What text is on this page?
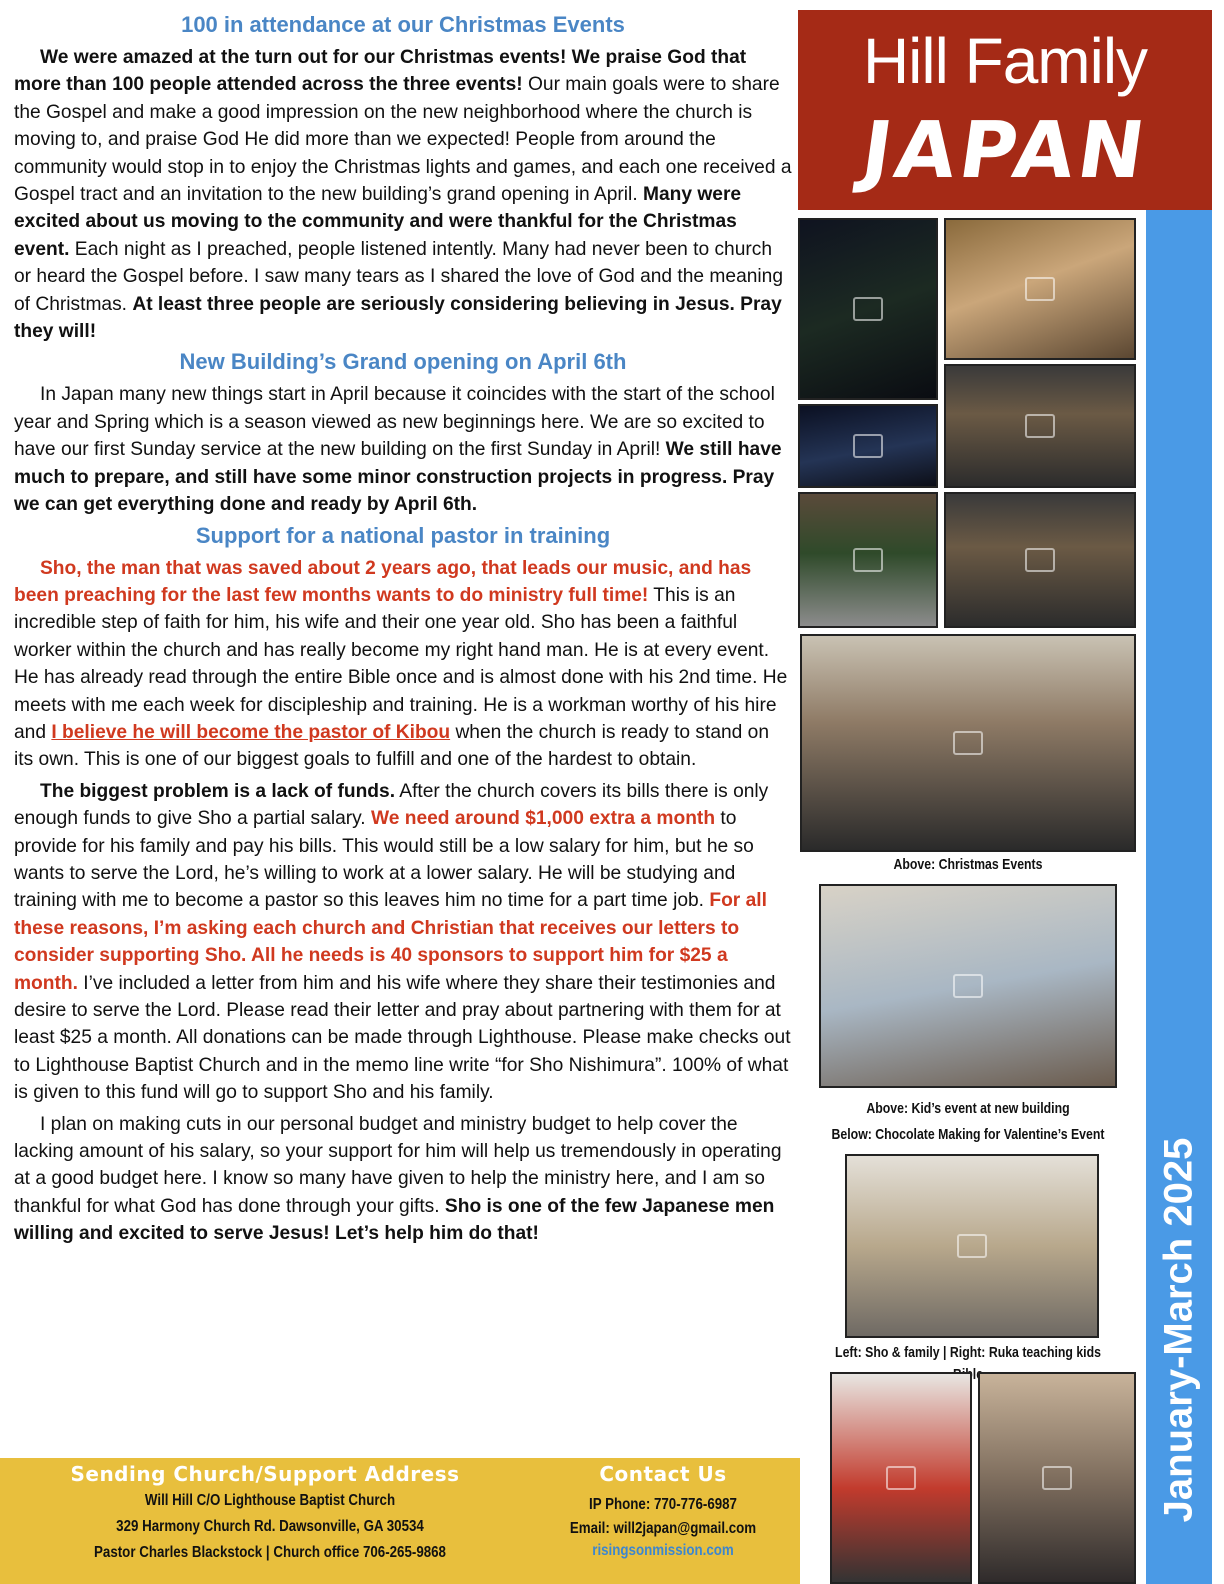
100 in attendance at our Christmas Events

We were amazed at the turn out for our Christmas events! We praise God that more than 100 people attended across the three events! Our main goals were to share the Gospel and make a good impression on the new neighborhood where the church is moving to, and praise God He did more than we expected! People from around the community would stop in to enjoy the Christmas lights and games, and each one received a Gospel tract and an invitation to the new building’s grand opening in April. Many were excited about us moving to the community and were thankful for the Christmas event. Each night as I preached, people listened intently. Many had never been to church or heard the Gospel before. I saw many tears as I shared the love of God and the meaning of Christmas. At least three people are seriously considering believing in Jesus. Pray they will!

New Building’s Grand opening on April 6th

In Japan many new things start in April because it coincides with the start of the school year and Spring which is a season viewed as new beginnings here. We are so excited to have our first Sunday service at the new building on the first Sunday in April! We still have much to prepare, and still have some minor construction projects in progress. Pray we can get everything done and ready by April 6th.

Support for a national pastor in training

Sho, the man that was saved about 2 years ago, that leads our music, and has been preaching for the last few months wants to do ministry full time! This is an incredible step of faith for him, his wife and their one year old. Sho has been a faithful worker within the church and has really become my right hand man. He is at every event. He has already read through the entire Bible once and is almost done with his 2nd time. He meets with me each week for discipleship and training. He is a workman worthy of his hire and I believe he will become the pastor of Kibou when the church is ready to stand on its own. This is one of our biggest goals to fulfill and one of the hardest to obtain.

The biggest problem is a lack of funds. After the church covers its bills there is only enough funds to give Sho a partial salary. We need around $1,000 extra a month to provide for his family and pay his bills. This would still be a low salary for him, but he so wants to serve the Lord, he’s willing to work at a lower salary. He will be studying and training with me to become a pastor so this leaves him no time for a part time job. For all these reasons, I’m asking each church and Christian that receives our letters to consider supporting Sho. All he needs is 40 sponsors to support him for $25 a month. I’ve included a letter from him and his wife where they share their testimonies and desire to serve the Lord. Please read their letter and pray about partnering with them for at least $25 a month. All donations can be made through Lighthouse. Please make checks out to Lighthouse Baptist Church and in the memo line write “for Sho Nishimura”. 100% of what is given to this fund will go to support Sho and his family.

I plan on making cuts in our personal budget and ministry budget to help cover the lacking amount of his salary, so your support for him will help us tremendously in operating at a good budget here. I know so many have given to help the ministry here, and I am so thankful for what God has done through your gifts. Sho is one of the few Japanese men willing and excited to serve Jesus! Let’s help him do that!

Hill Family
JAPAN
January-March 2025
Above: Christmas Events
Above: Kid’s event at new building
Below: Chocolate Making for Valentine’s Event
Left: Sho & family | Right: Ruka teaching kids
Sending Church/Support Address
Will Hill C/O Lighthouse Baptist Church
329 Harmony Church Rd. Dawsonville, GA 30534
Pastor Charles Blackstock | Church office 706-265-9868
Contact Us
IP Phone: 770-776-6987
Email: will2japan@gmail.com
risingsonmission.com
